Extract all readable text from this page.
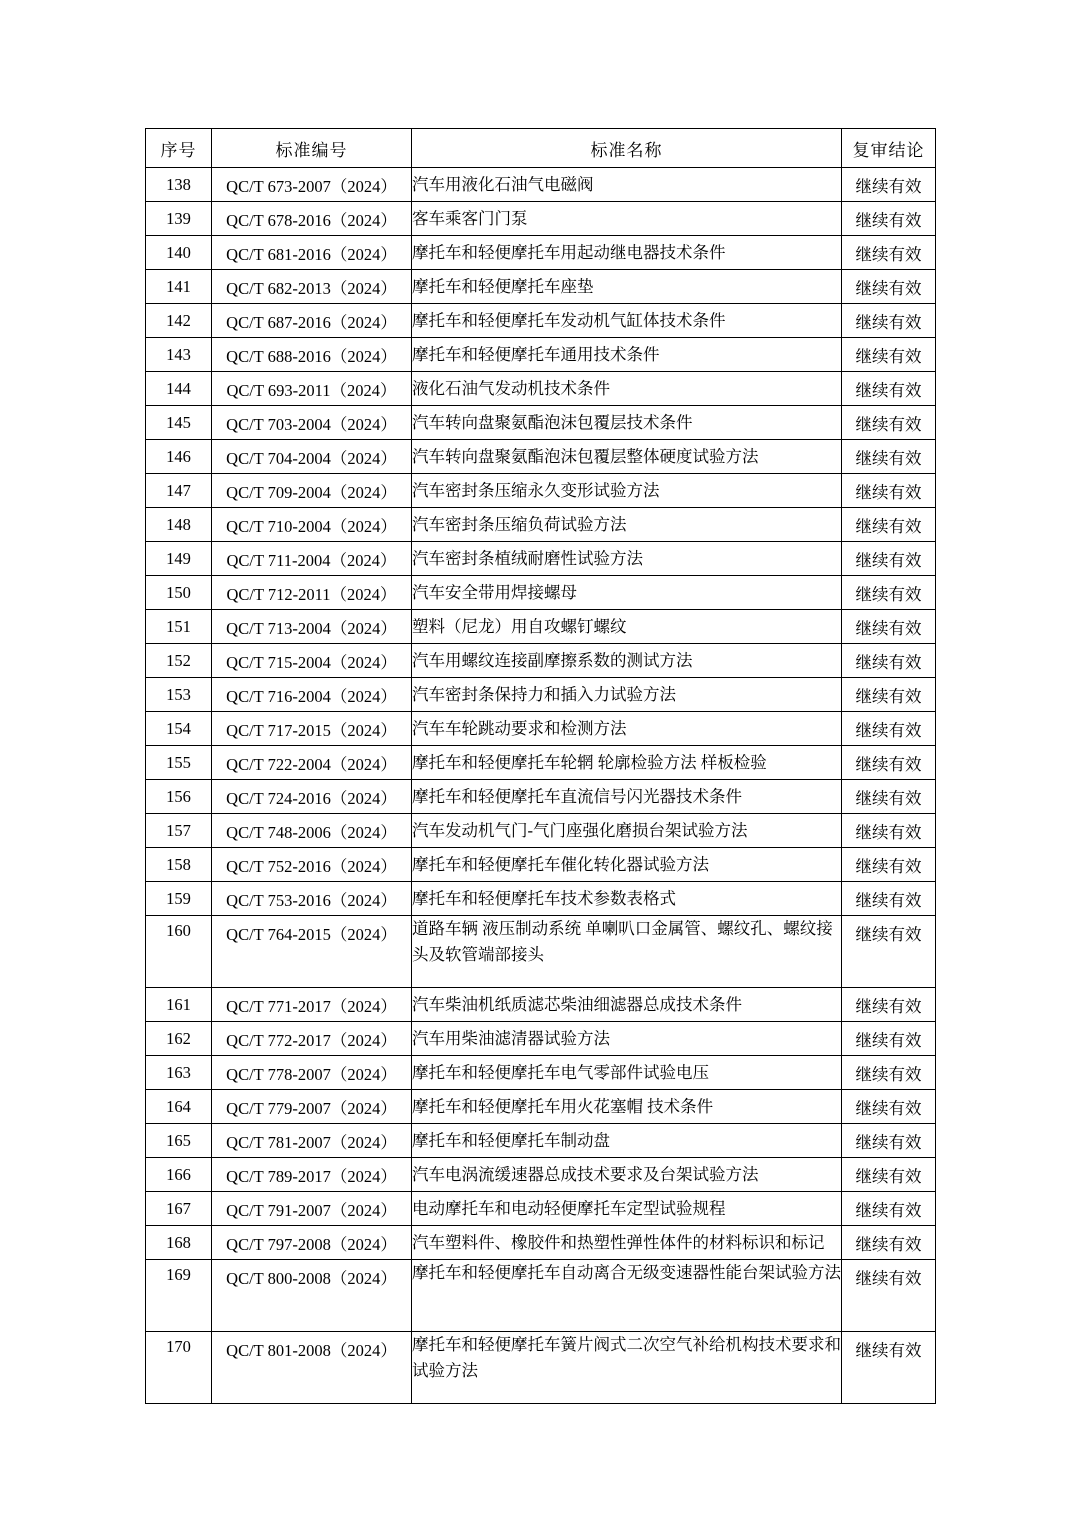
序号	标准编号	标准名称	复审结论
138	QC/T 673-2007（2024）	汽车用液化石油气电磁阀	继续有效
139	QC/T 678-2016（2024）	客车乘客门门泵	继续有效
140	QC/T 681-2016（2024）	摩托车和轻便摩托车用起动继电器技术条件	继续有效
141	QC/T 682-2013（2024）	摩托车和轻便摩托车座垫	继续有效
142	QC/T 687-2016（2024）	摩托车和轻便摩托车发动机气缸体技术条件	继续有效
143	QC/T 688-2016（2024）	摩托车和轻便摩托车通用技术条件	继续有效
144	QC/T 693-2011（2024）	液化石油气发动机技术条件	继续有效
145	QC/T 703-2004（2024）	汽车转向盘聚氨酯泡沫包覆层技术条件	继续有效
146	QC/T 704-2004（2024）	汽车转向盘聚氨酯泡沫包覆层整体硬度试验方法	继续有效
147	QC/T 709-2004（2024）	汽车密封条压缩永久变形试验方法	继续有效
148	QC/T 710-2004（2024）	汽车密封条压缩负荷试验方法	继续有效
149	QC/T 711-2004（2024）	汽车密封条植绒耐磨性试验方法	继续有效
150	QC/T 712-2011（2024）	汽车安全带用焊接螺母	继续有效
151	QC/T 713-2004（2024）	塑料（尼龙）用自攻螺钉螺纹	继续有效
152	QC/T 715-2004（2024）	汽车用螺纹连接副摩擦系数的测试方法	继续有效
153	QC/T 716-2004（2024）	汽车密封条保持力和插入力试验方法	继续有效
154	QC/T 717-2015（2024）	汽车车轮跳动要求和检测方法	继续有效
155	QC/T 722-2004（2024）	摩托车和轻便摩托车轮辋 轮廓检验方法 样板检验	继续有效
156	QC/T 724-2016（2024）	摩托车和轻便摩托车直流信号闪光器技术条件	继续有效
157	QC/T 748-2006（2024）	汽车发动机气门-气门座强化磨损台架试验方法	继续有效
158	QC/T 752-2016（2024）	摩托车和轻便摩托车催化转化器试验方法	继续有效
159	QC/T 753-2016（2024）	摩托车和轻便摩托车技术参数表格式	继续有效
160	QC/T 764-2015（2024）	道路车辆 液压制动系统 单喇叭口金属管、螺纹孔、螺纹接头及软管端部接头	继续有效
161	QC/T 771-2017（2024）	汽车柴油机纸质滤芯柴油细滤器总成技术条件	继续有效
162	QC/T 772-2017（2024）	汽车用柴油滤清器试验方法	继续有效
163	QC/T 778-2007（2024）	摩托车和轻便摩托车电气零部件试验电压	继续有效
164	QC/T 779-2007（2024）	摩托车和轻便摩托车用火花塞帽 技术条件	继续有效
165	QC/T 781-2007（2024）	摩托车和轻便摩托车制动盘	继续有效
166	QC/T 789-2017（2024）	汽车电涡流缓速器总成技术要求及台架试验方法	继续有效
167	QC/T 791-2007（2024）	电动摩托车和电动轻便摩托车定型试验规程	继续有效
168	QC/T 797-2008（2024）	汽车塑料件、橡胶件和热塑性弹性体件的材料标识和标记	继续有效
169	QC/T 800-2008（2024）	摩托车和轻便摩托车自动离合无级变速器性能台架试验方法	继续有效
170	QC/T 801-2008（2024）	摩托车和轻便摩托车簧片阀式二次空气补给机构技术要求和试验方法	继续有效
